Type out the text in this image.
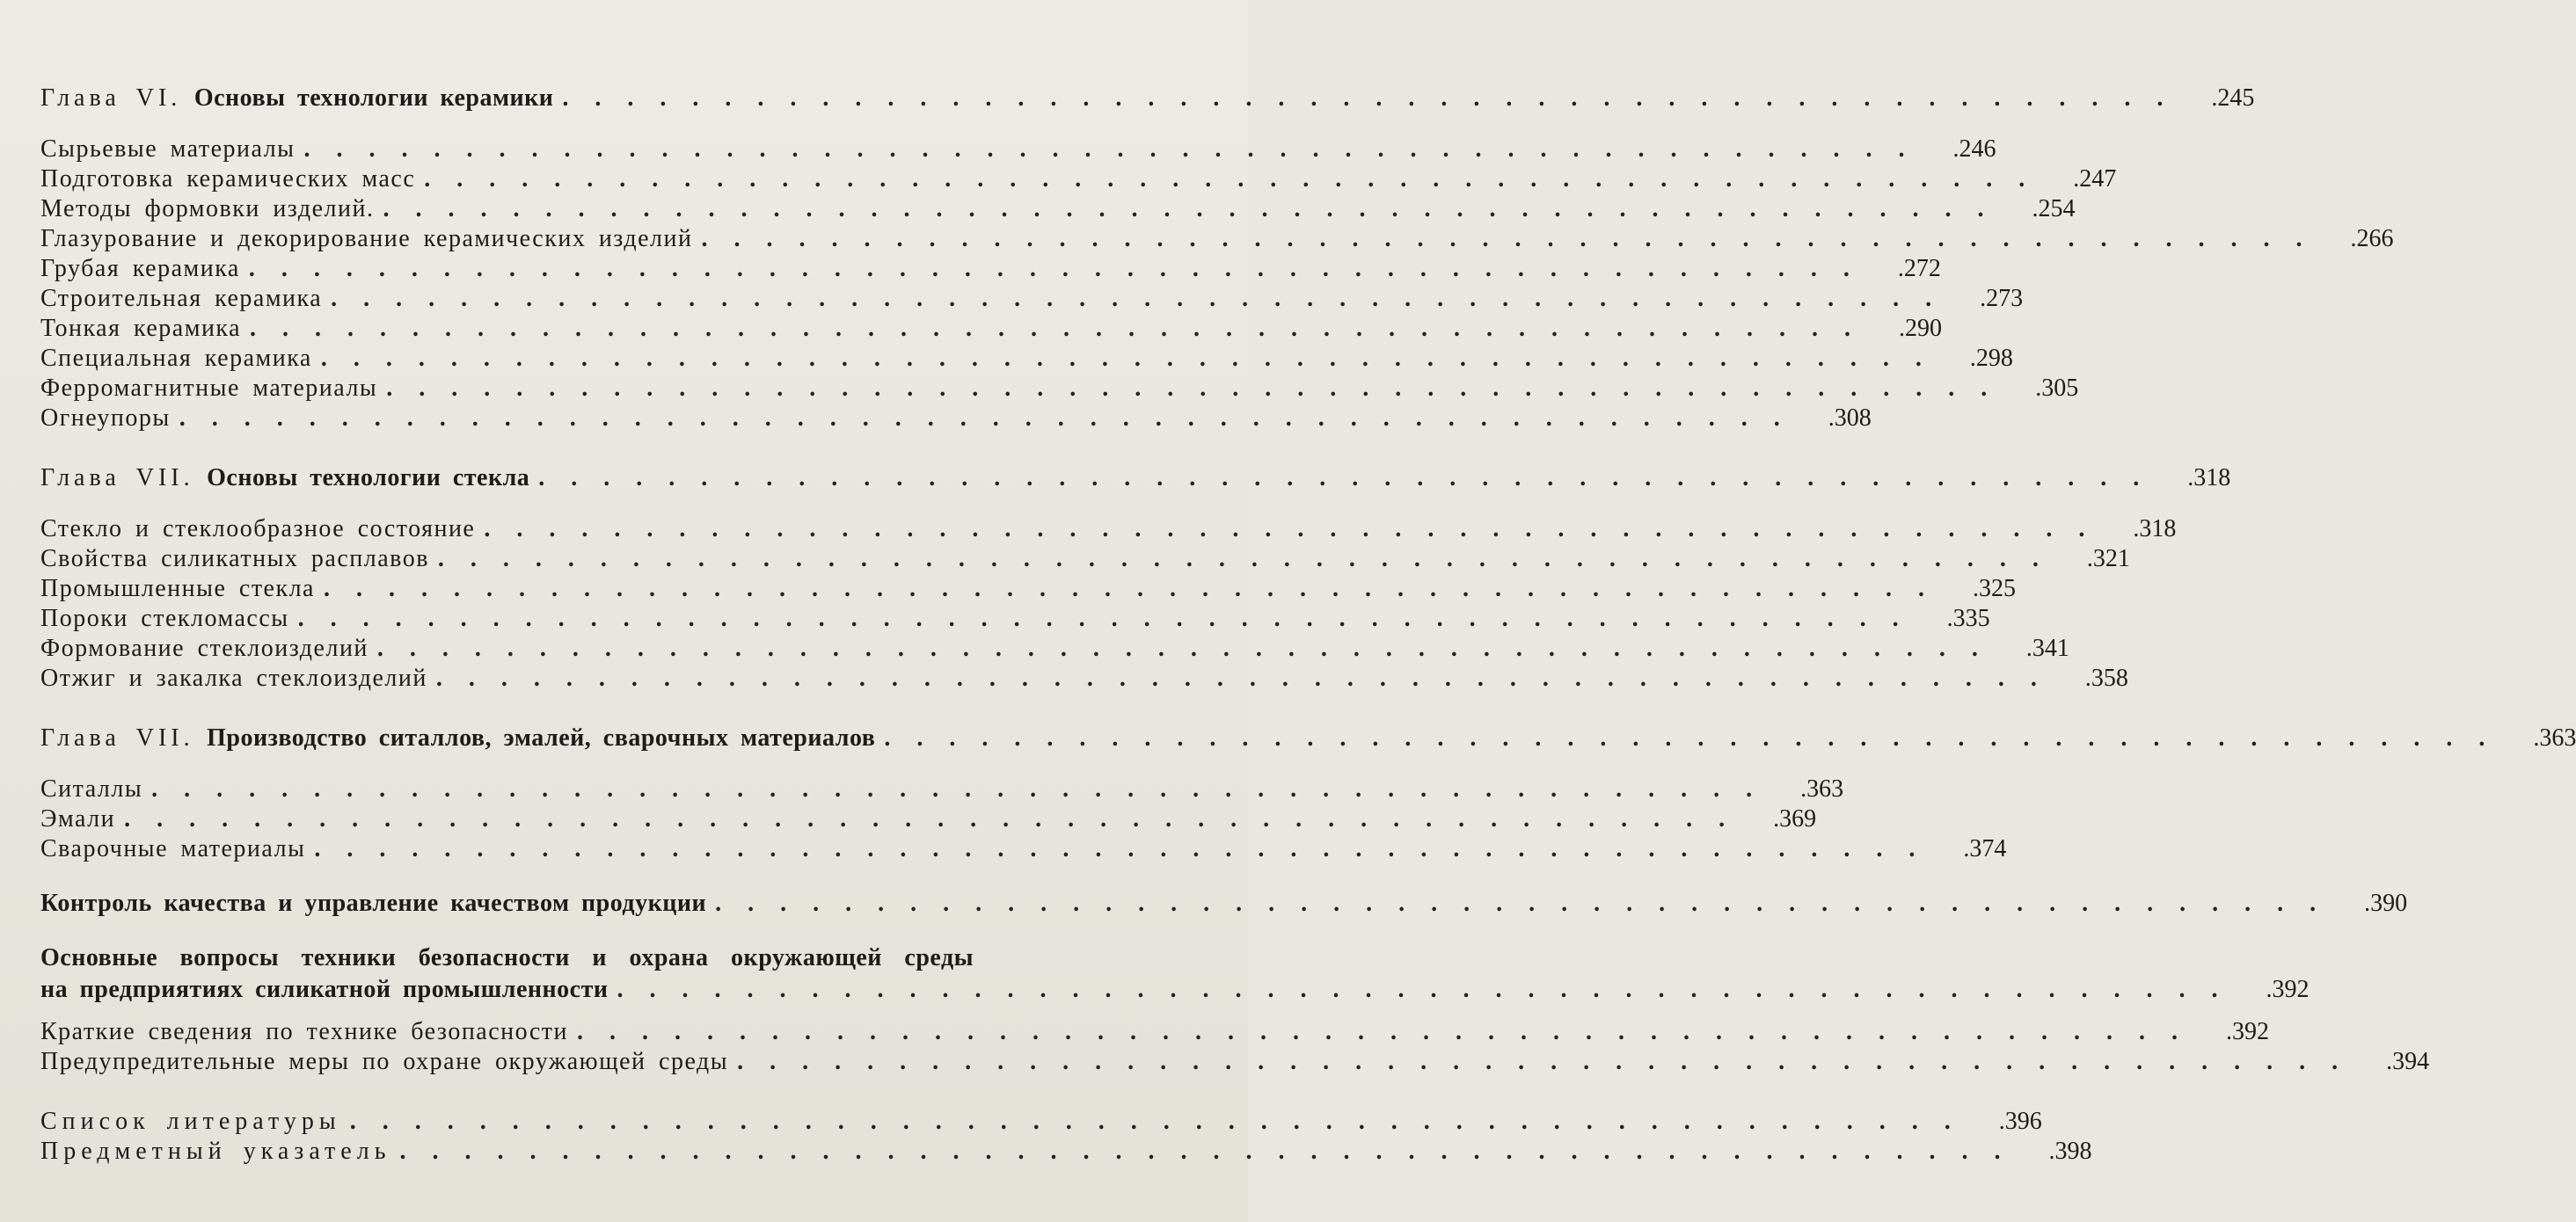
Глава VI. Основы технологии керамики .................................................. .245
Сырьевые материалы .................................................. .246
Подготовка керамических масс .................................................. .247
Методы формовки изделий. .................................................. .254
Глазурование и декорирование керамических изделий .................................................. .266
Грубая керамика .................................................. .272
Строительная керамика .................................................. .273
Тонкая керамика .................................................. .290
Специальная керамика .................................................. .298
Ферромагнитные материалы .................................................. .305
Огнеупоры .................................................. .308
Глава VII. Основы технологии стекла .................................................. .318
Стекло и стеклообразное состояние .................................................. .318
Свойства силикатных расплавов .................................................. .321
Промышленные стекла .................................................. .325
Пороки стекломассы .................................................. .335
Формование стеклоизделий .................................................. .341
Отжиг и закалка стеклоизделий .................................................. .358
Глава VII. Производство ситаллов, эмалей, сварочных материалов .................................................. .363
Ситаллы .................................................. .363
Эмали .................................................. .369
Сварочные материалы .................................................. .374
Контроль качества и управление качеством продукции .................................................. .390
Основные вопросы техники безопасности и охрана окружающей среды
на предприятиях силикатной промышленности .................................................. .392
Краткие сведения по технике безопасности .................................................. .392
Предупредительные меры по охране окружающей среды .................................................. .394
Список литературы .................................................. .396
Предметный указатель .................................................. .398
